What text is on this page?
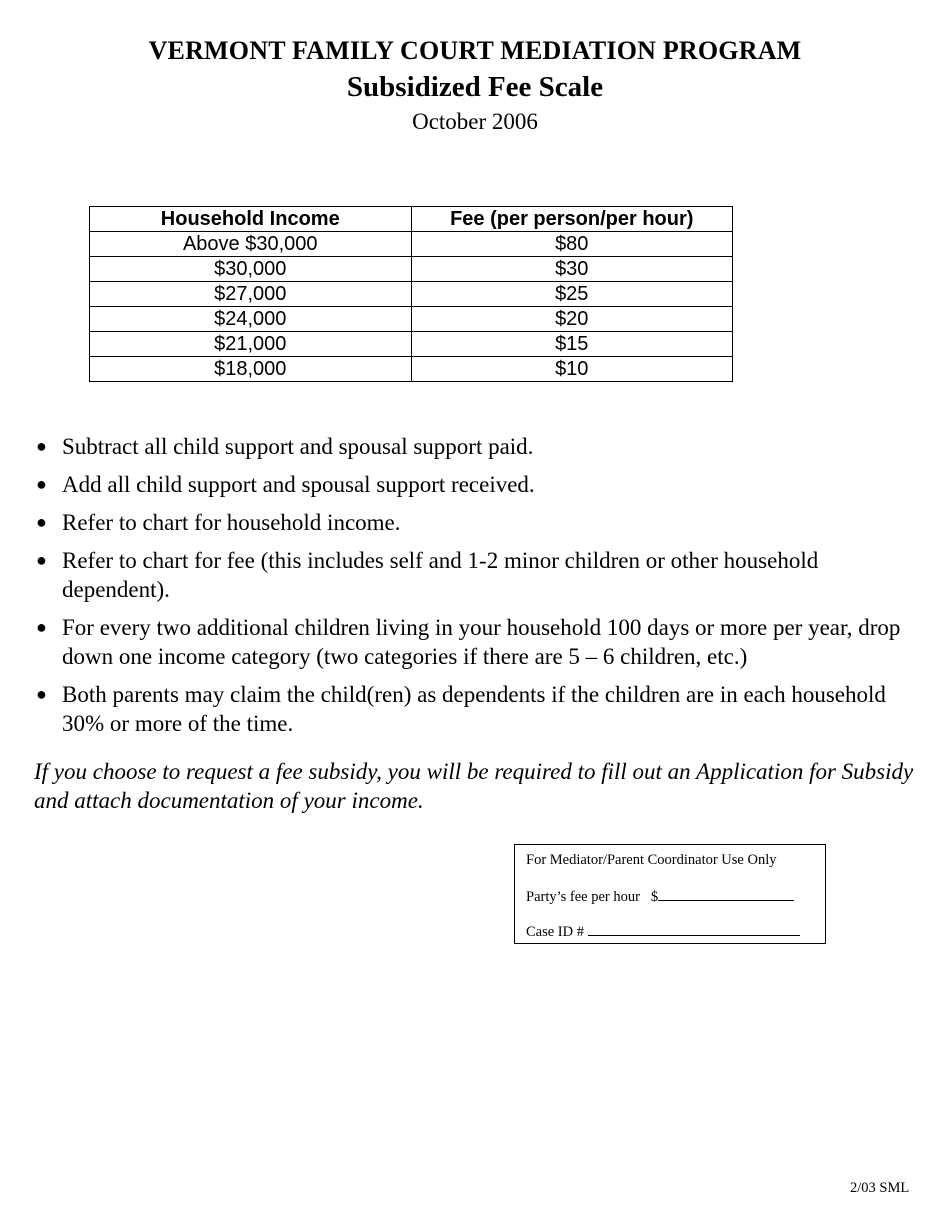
VERMONT FAMILY COURT MEDIATION PROGRAM
Subsidized Fee Scale
October 2006
Household Income	Fee (per person/per hour)
Above $30,000	$80
$30,000	$30
$27,000	$25
$24,000	$20
$21,000	$15
$18,000	$10
● Subtract all child support and spousal support paid.
● Add all child support and spousal support received.
● Refer to chart for household income.
● Refer to chart for fee (this includes self and 1-2 minor children or other household dependent).
● For every two additional children living in your household 100 days or more per year, drop down one income category (two categories if there are 5 – 6 children, etc.)
● Both parents may claim the child(ren) as dependents if the children are in each household 30% or more of the time.
If you choose to request a fee subsidy, you will be required to fill out an Application for Subsidy and attach documentation of your income.
For Mediator/Parent Coordinator Use Only
Party’s fee per hour $
Case ID #
2/03 SML
